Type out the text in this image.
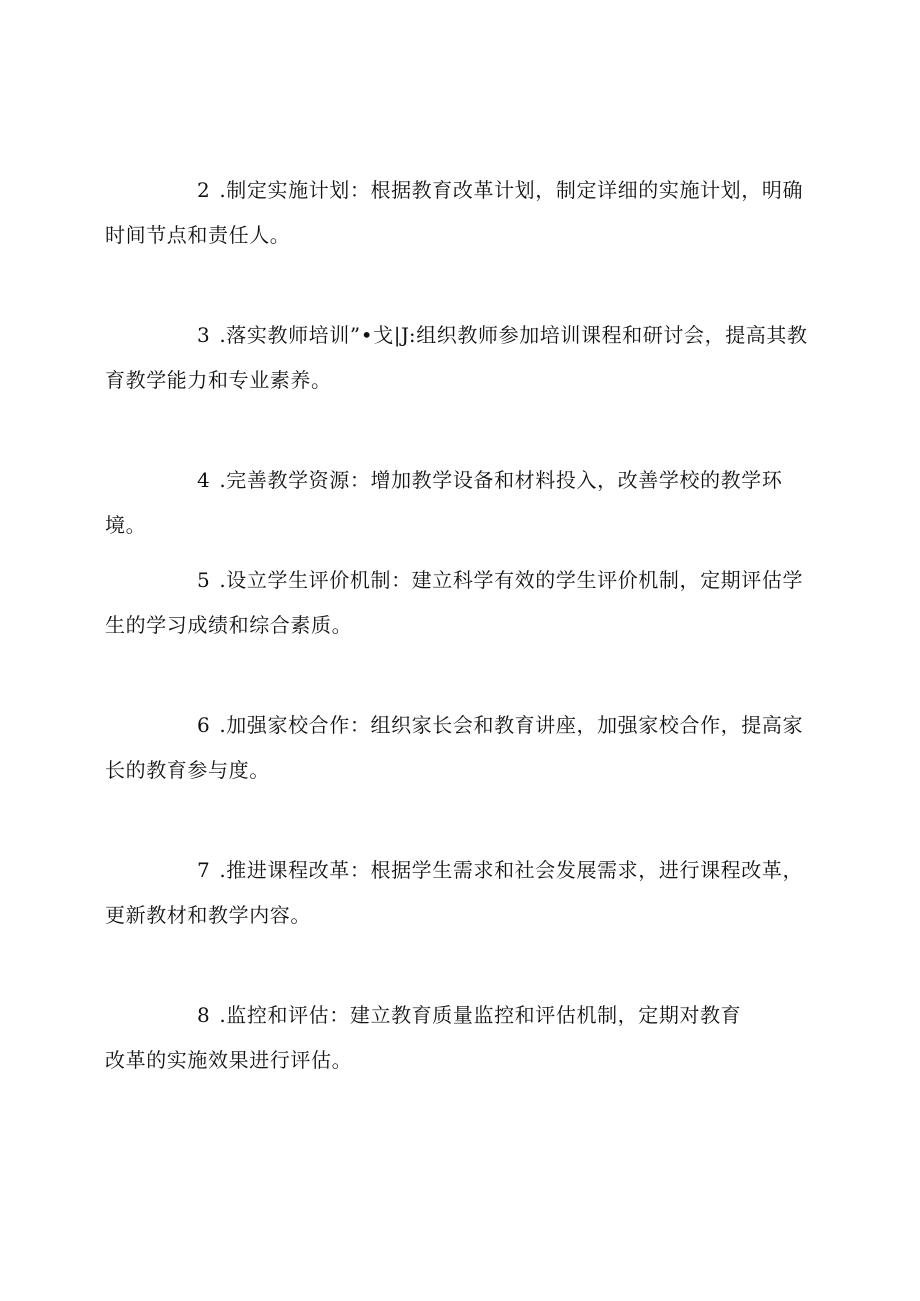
2 .制定实施计划：根据教育改革计划，制定详细的实施计划，明确时间节点和责任人。

3 .落实教师培训”•戈|J:组织教师参加培训课程和研讨会，提高其教育教学能力和专业素养。

4 .完善教学资源：增加教学设备和材料投入，改善学校的教学环境。

5 .设立学生评价机制：建立科学有效的学生评价机制，定期评估学生的学习成绩和综合素质。

6 .加强家校合作：组织家长会和教育讲座，加强家校合作，提高家长的教育参与度。

7 .推进课程改革：根据学生需求和社会发展需求，进行课程改革，更新教材和教学内容。

8 .监控和评估：建立教育质量监控和评估机制，定期对教育改革的实施效果进行评估。
